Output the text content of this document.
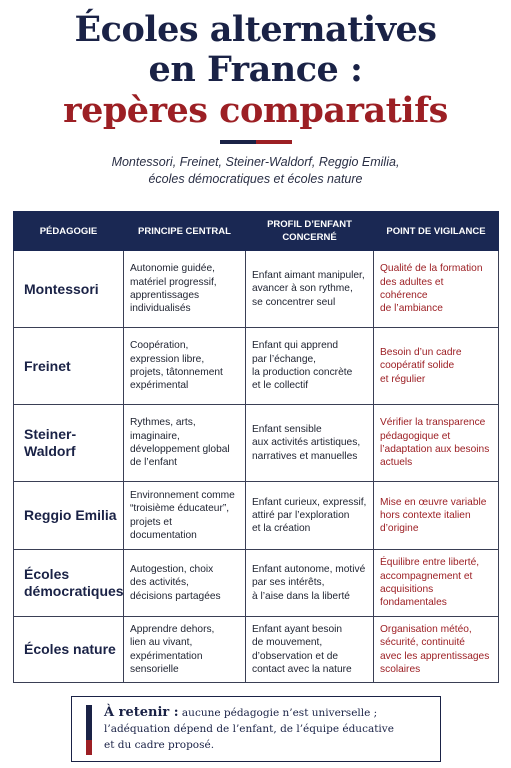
Écoles alternatives
en France :
repères comparatifs

Montessori, Freinet, Steiner-Waldorf, Reggio Emilia,
écoles démocratiques et écoles nature

PÉDAGOGIE	PRINCIPE CENTRAL	PROFIL D’ENFANT CONCERNÉ	POINT DE VIGILANCE
Montessori	Autonomie guidée,
matériel progressif,
apprentissages
individualisés	Enfant aimant manipuler,
avancer à son rythme,
se concentrer seul	Qualité de la formation
des adultes et cohérence
de l’ambiance

Freinet	Coopération,
expression libre,
projets, tâtonnement
expérimental	Enfant qui apprend
par l’échange,
la production concrète
et le collectif	Besoin d’un cadre
coopératif solide
et régulier

Steiner-Waldorf	Rythmes, arts,
imaginaire,
développement global
de l’enfant	Enfant sensible
aux activités artistiques,
narratives et manuelles	Vérifier la transparence
pédagogique et
l’adaptation aux besoins
actuels

Reggio Emilia	Environnement comme
“troisième éducateur”,
projets et
documentation	Enfant curieux, expressif,
attiré par l’exploration
et la création	Mise en œuvre variable
hors contexte italien
d’origine

Écoles démocratiques	Autogestion, choix
des activités,
décisions partagées	Enfant autonome, motivé
par ses intérêts,
à l’aise dans la liberté	Équilibre entre liberté,
accompagnement et
acquisitions
fondamentales

Écoles nature	Apprendre dehors,
lien au vivant,
expérimentation
sensorielle	Enfant ayant besoin
de mouvement,
d’observation et de
contact avec la nature	Organisation météo,
sécurité, continuité
avec les apprentissages
scolaires
À retenir : aucune pédagogie n’est universelle ;
l’adéquation dépend de l’enfant, de l’équipe éducative
et du cadre proposé.
